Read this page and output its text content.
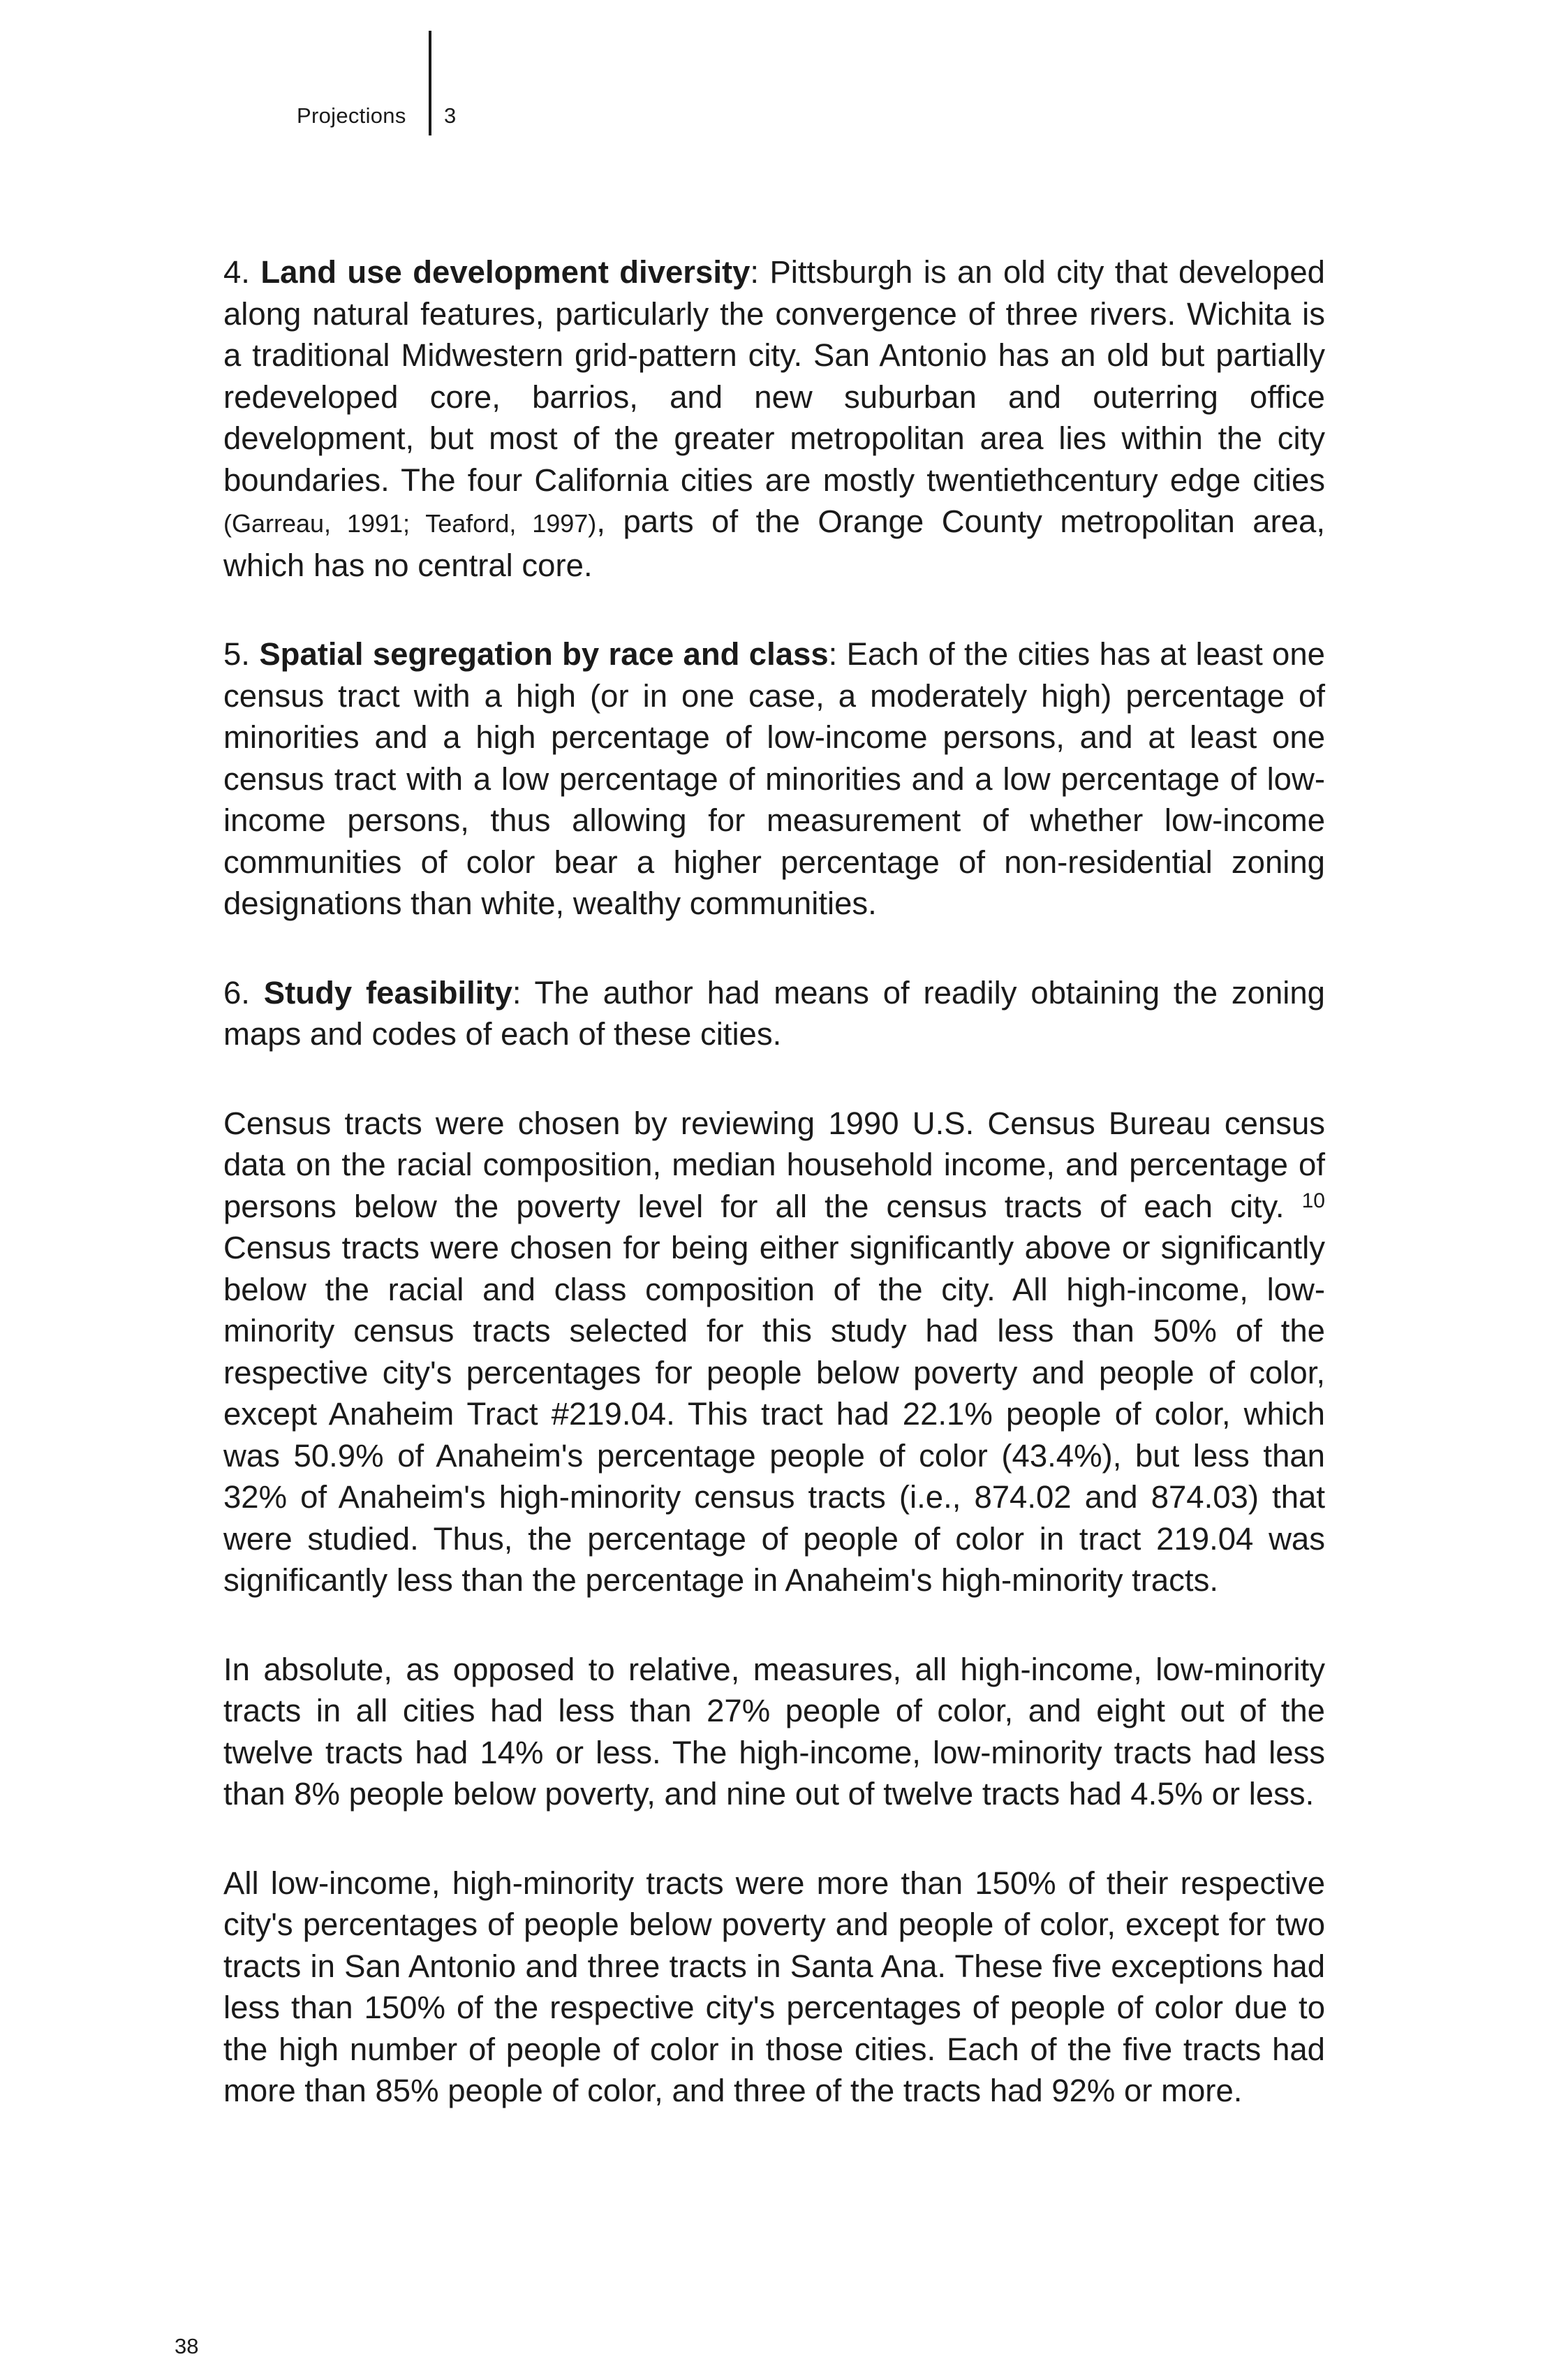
Projections 3

4. Land use development diversity: Pittsburgh is an old city that developed along natural features, particularly the convergence of three rivers. Wichita is a traditional Midwestern grid-pattern city. San Antonio has an old but partially redeveloped core, barrios, and new suburban and outerring office development, but most of the greater metropolitan area lies within the city boundaries. The four California cities are mostly twentiethcentury edge cities (Garreau, 1991; Teaford, 1997), parts of the Orange County metropolitan area, which has no central core.

5. Spatial segregation by race and class: Each of the cities has at least one census tract with a high (or in one case, a moderately high) percentage of minorities and a high percentage of low-income persons, and at least one census tract with a low percentage of minorities and a low percentage of low-income persons, thus allowing for measurement of whether low-income communities of color bear a higher percentage of non-residential zoning designations than white, wealthy communities.

6. Study feasibility: The author had means of readily obtaining the zoning maps and codes of each of these cities.

Census tracts were chosen by reviewing 1990 U.S. Census Bureau census data on the racial composition, median household income, and percentage of persons below the poverty level for all the census tracts of each city. $^{10}$ Census tracts were chosen for being either significantly above or significantly below the racial and class composition of the city. All high-income, low-minority census tracts selected for this study had less than 50% of the respective city's percentages for people below poverty and people of color, except Anaheim Tract #219.04. This tract had 22.1% people of color, which was 50.9% of Anaheim's percentage people of color (43.4%), but less than 32% of Anaheim's high-minority census tracts (i.e., 874.02 and 874.03) that were studied. Thus, the percentage of people of color in tract 219.04 was significantly less than the percentage in Anaheim's high-minority tracts.

In absolute, as opposed to relative, measures, all high-income, low-minority tracts in all cities had less than 27% people of color, and eight out of the twelve tracts had 14% or less. The high-income, low-minority tracts had less than 8% people below poverty, and nine out of twelve tracts had 4.5% or less.

All low-income, high-minority tracts were more than 150% of their respective city's percentages of people below poverty and people of color, except for two tracts in San Antonio and three tracts in Santa Ana. These five exceptions had less than 150% of the respective city's percentages of people of color due to the high number of people of color in those cities. Each of the five tracts had more than 85% people of color, and three of the tracts had 92% or more.

38
